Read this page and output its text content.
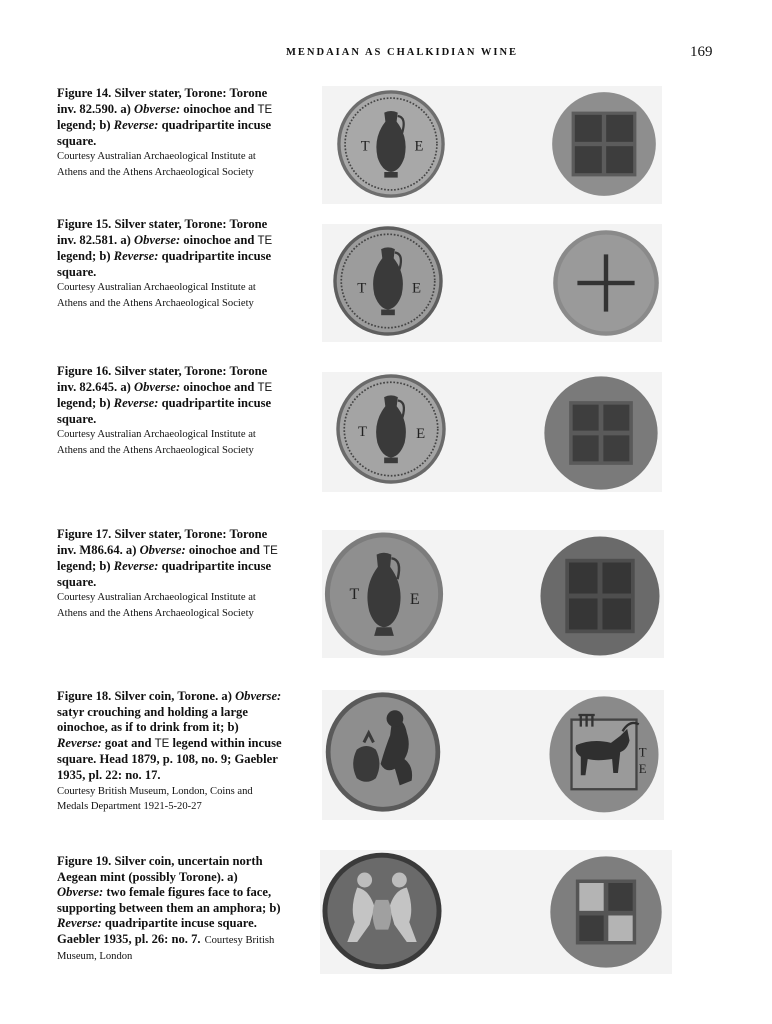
MENDAIAN AS CHALKIDIAN WINE	169
Figure 14. Silver stater, Torone: Torone inv. 82.590. a) Obverse: oinochoe and TE legend; b) Reverse: quadripartite incuse square.
Courtesy Australian Archaeological Institute at Athens and the Athens Archaeological Society
T	Ε
Figure 15. Silver stater, Torone: Torone inv. 82.581. a) Obverse: oinochoe and TE legend; b) Reverse: quadripartite incuse square.
Courtesy Australian Archaeological Institute at Athens and the Athens Archaeological Society
T	Ε
Figure 16. Silver stater, Torone: Torone inv. 82.645. a) Obverse: oinochoe and TE legend; b) Reverse: quadripartite incuse square.
Courtesy Australian Archaeological Institute at Athens and the Athens Archaeological Society
T	Ε
Figure 17. Silver stater, Torone: Torone inv. M86.64. a) Obverse: oinochoe and TE legend; b) Reverse: quadripartite incuse square.
Courtesy Australian Archaeological Institute at Athens and the Athens Archaeological Society
T	Ε
Figure 18. Silver coin, Torone. a) Obverse: satyr crouching and holding a large oinochoe, as if to drink from it; b) Reverse: goat and TE legend within incuse square. Head 1879, p. 108, no. 9; Gaebler 1935, pl. 22: no. 17.
Courtesy British Museum, London, Coins and Medals Department 1921-5-20-27
T
Ε
Figure 19. Silver coin, uncertain north Aegean mint (possibly Torone). a) Obverse: two female figures face to face, supporting between them an amphora; b) Reverse: quadripartite incuse square. Gaebler 1935, pl. 26: no. 7. Courtesy British Museum, London
